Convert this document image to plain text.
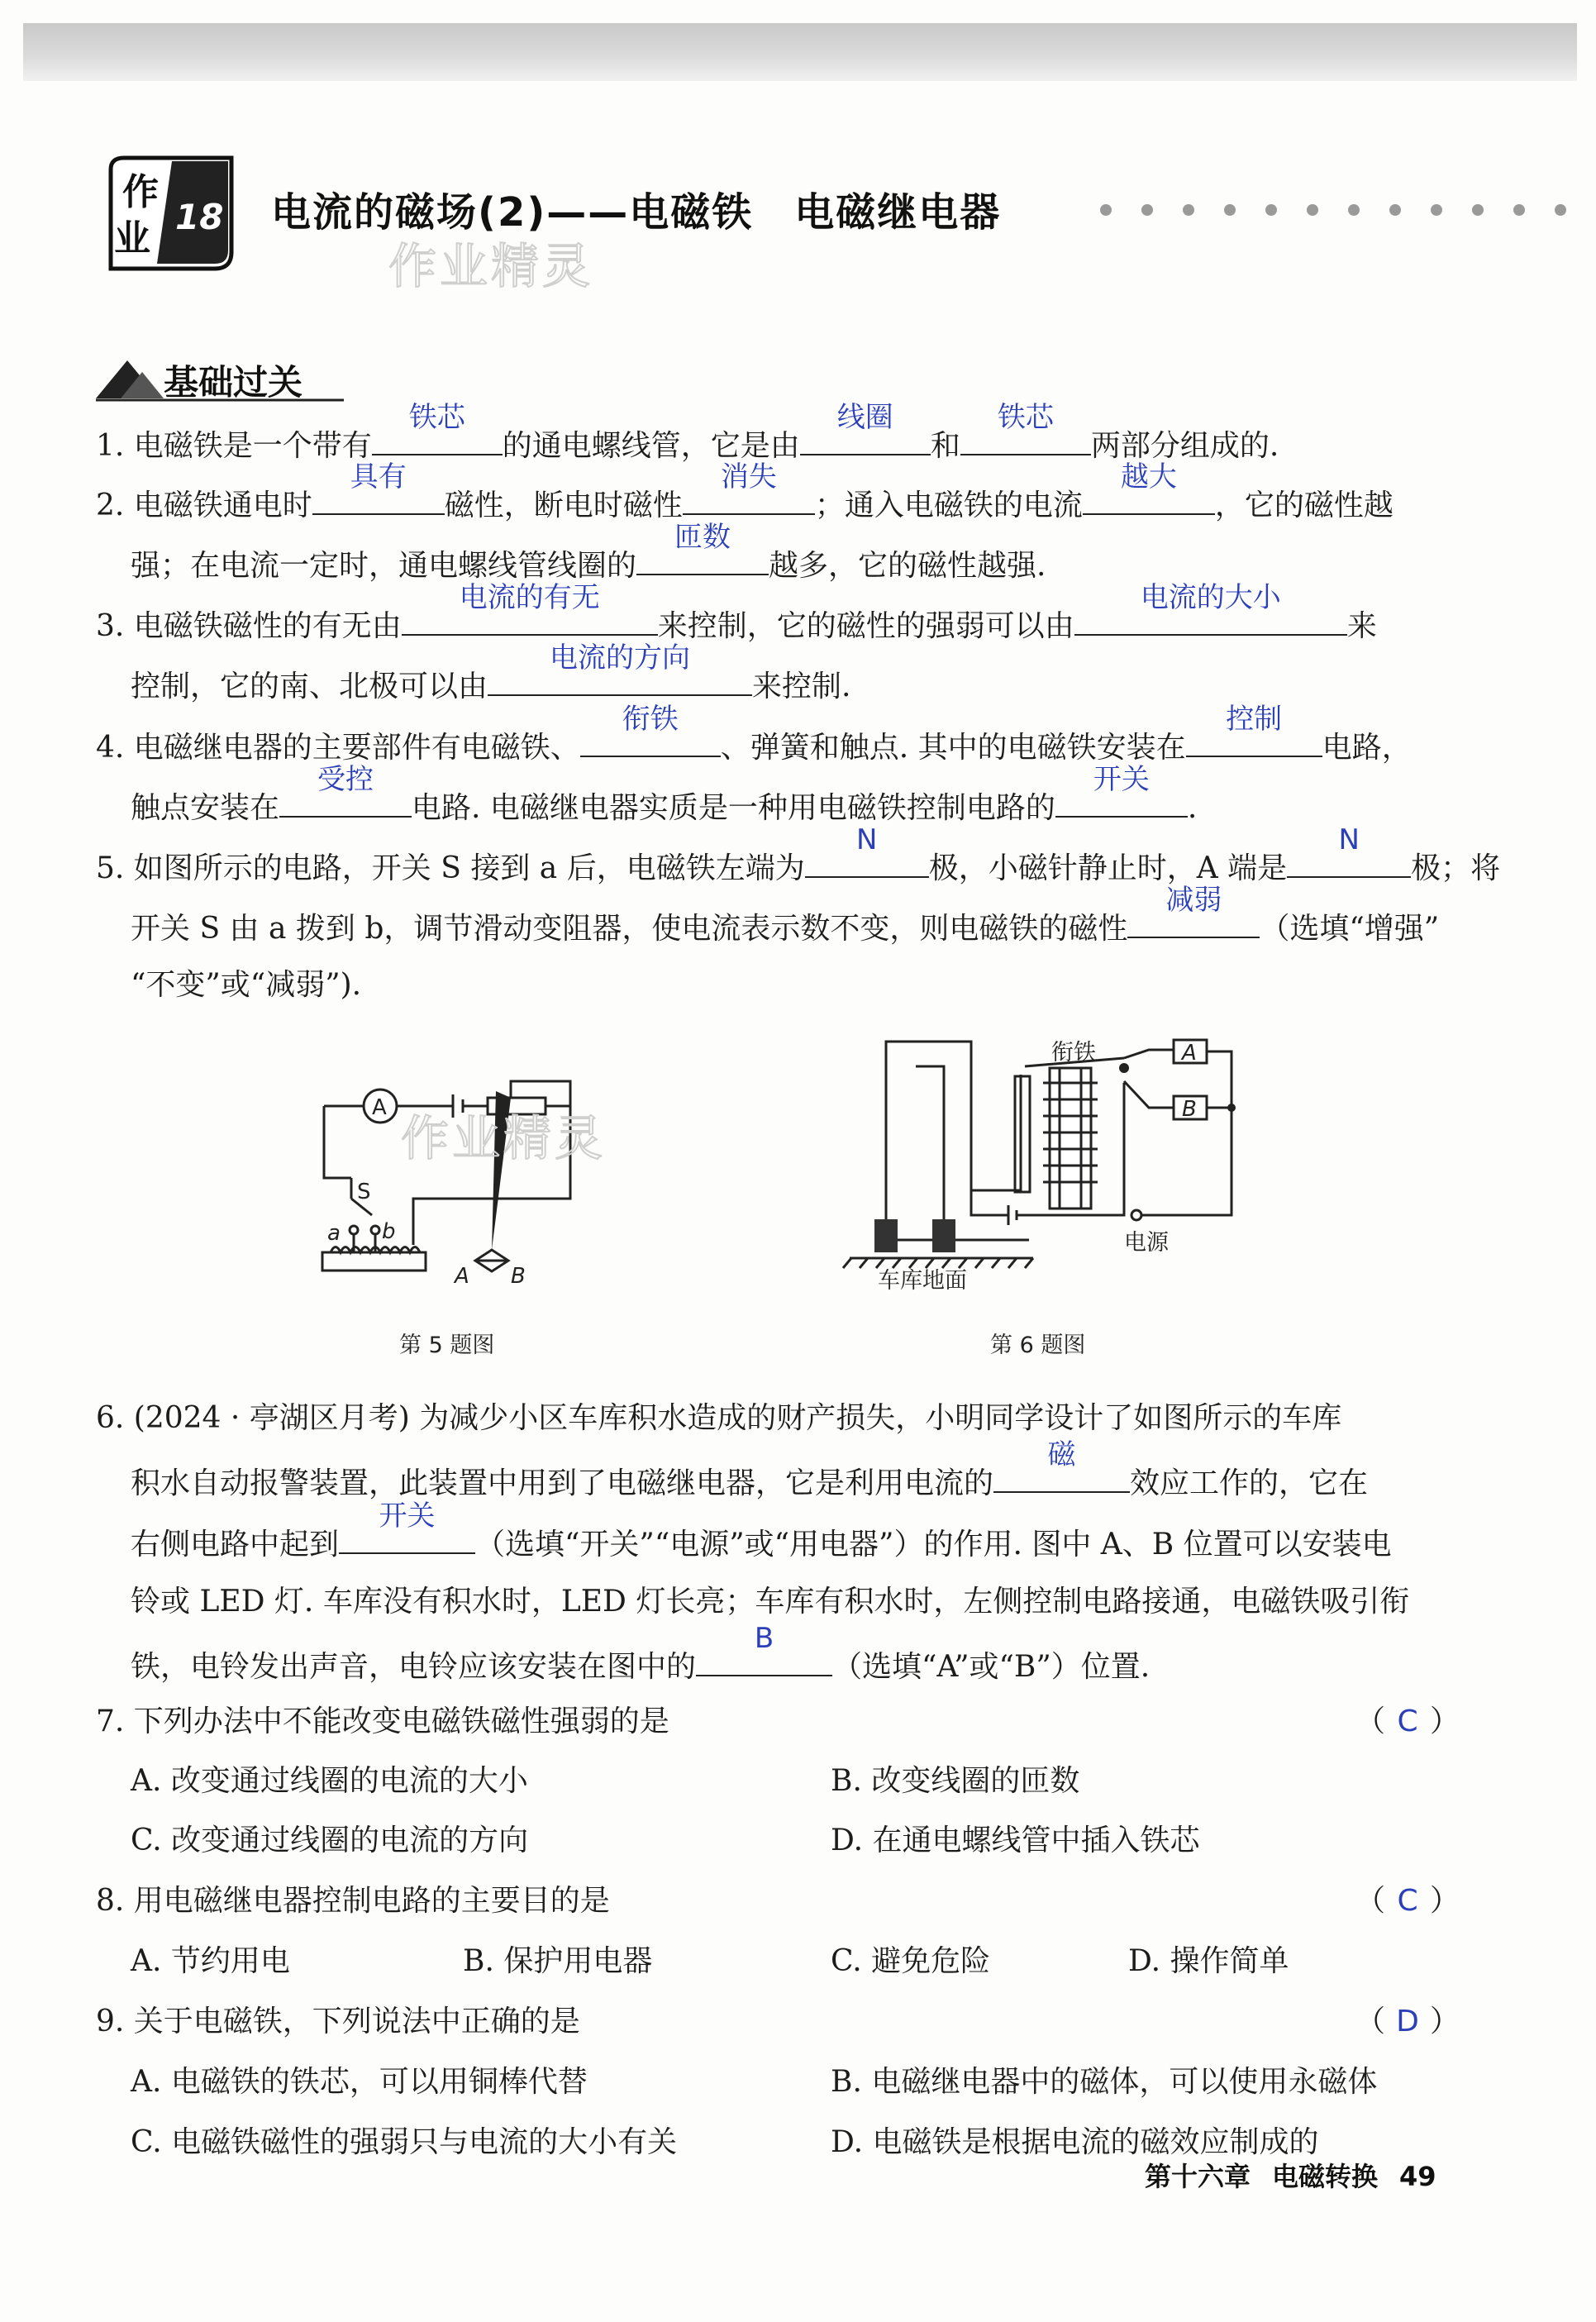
作
业
18 电流的磁场(2)——电磁铁　电磁继电器
作业精灵
基础过关
1. 电磁铁是一个带有
铁芯
的通电螺线管，它是由
线圈
和
铁芯
两部分组成的.
2. 电磁铁通电时
具有
磁性，断电时磁性
消失
；通入电磁铁的电流
越大
，它的磁性越
强；在电流一定时，通电螺线管线圈的
匝数
越多，它的磁性越强.
3. 电磁铁磁性的有无由
电流的有无
来控制，它的磁性的强弱可以由
电流的大小
来
控制，它的南、北极可以由
电流的方向
来控制.
4. 电磁继电器的主要部件有电磁铁、
衔铁
、弹簧和触点. 其中的电磁铁安装在
控制
电路，
触点安装在
受控
电路. 电磁继电器实质是一种用电磁铁控制电路的
开关
.
5. 如图所示的电路，开关 S 接到 a 后，电磁铁左端为
N
极，小磁针静止时，A 端是
N
极；将
开关 S 由 a 拨到 b，调节滑动变阻器，使电流表示数不变，则电磁铁的磁性
减弱
（选填“增强”
“不变”或“减弱”).
A
S
a b
A B
作业精灵
第 5 题图
衔铁	A
B
电源
车库地面
第 6 题图
6. (2024 · 亭湖区月考) 为减少小区车库积水造成的财产损失，小明同学设计了如图所示的车库
积水自动报警装置，此装置中用到了电磁继电器，它是利用电流的
磁
效应工作的，它在
右侧电路中起到
开关
（选填“开关”“电源”或“用电器”）的作用. 图中 A、B 位置可以安装电
铃或 LED 灯. 车库没有积水时，LED 灯长亮；车库有积水时，左侧控制电路接通，电磁铁吸引衔
铁，电铃发出声音，电铃应该安装在图中的
B
（选填“A”或“B”）位置.
7. 下列办法中不能改变电磁铁磁性强弱的是	（ C ）
A. 改变通过线圈的电流的大小	B. 改变线圈的匝数
C. 改变通过线圈的电流的方向	D. 在通电螺线管中插入铁芯
8. 用电磁继电器控制电路的主要目的是	（ C ）
A. 节约用电	B. 保护用电器	C. 避免危险	D. 操作简单
9. 关于电磁铁，下列说法中正确的是	（ D ）
A. 电磁铁的铁芯，可以用铜棒代替	B. 电磁继电器中的磁体，可以使用永磁体
C. 电磁铁磁性的强弱只与电流的大小有关	D. 电磁铁是根据电流的磁效应制成的
第十六章 电磁转换 49
